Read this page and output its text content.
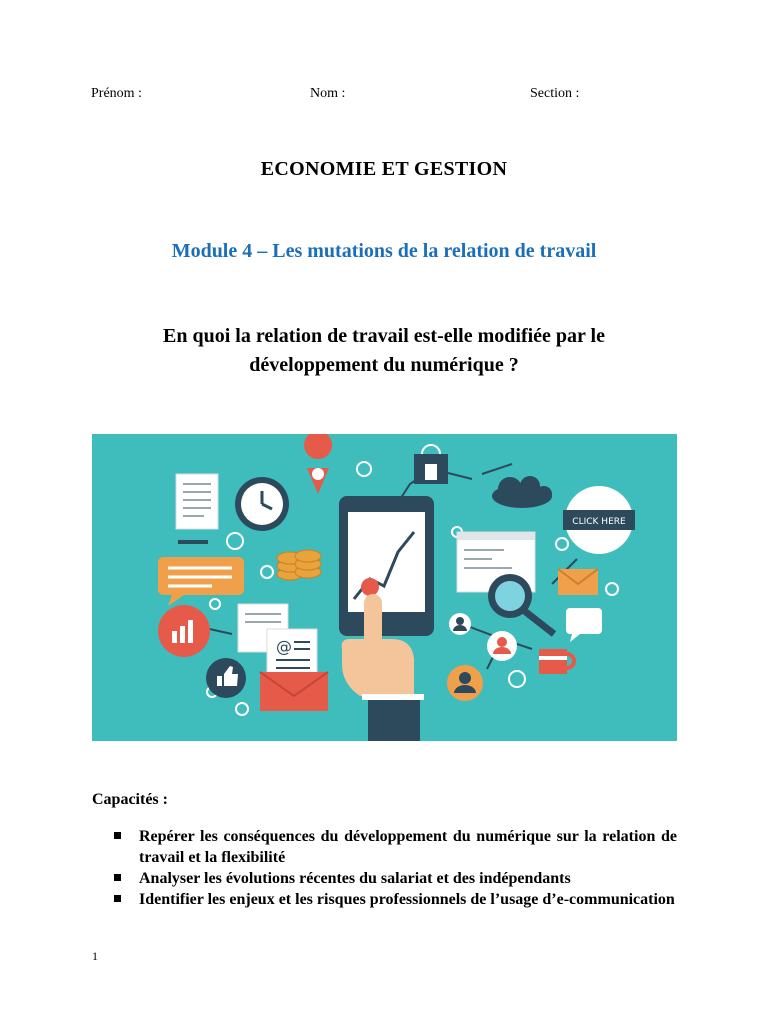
Prénom :	Nom :	Section :
ECONOMIE ET GESTION
Module 4 – Les mutations de la relation de travail
En quoi la relation de travail est-elle modifiée par le
développement du numérique ?
@
CLICK HERE
Capacités :
Repérer les conséquences du développement du numérique sur la relation de travail et la flexibilité
Analyser les évolutions récentes du salariat et des indépendants
Identifier les enjeux et les risques professionnels de l’usage d’e-communication
1
